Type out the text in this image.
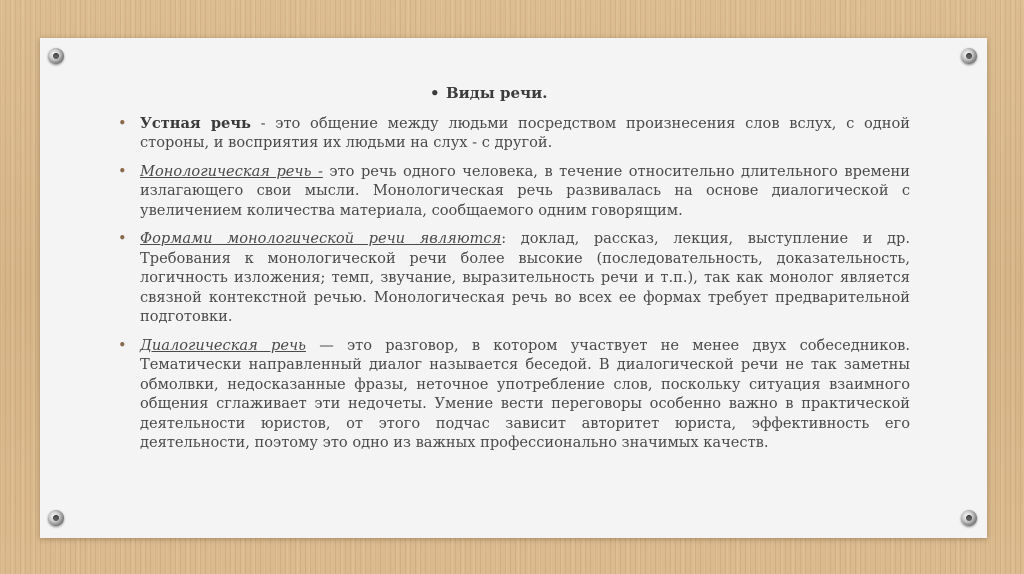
• Виды речи.
• Устная речь - это общение между людьми посредством произнесения слов вслух, с одной стороны, и восприятия их людьми на слух - с другой.
• Монологическая речь - это речь одного человека, в течение относительно длительного времени излагающего свои мысли. Монологическая речь развивалась на основе диалогической с увеличением количества материала, сообщаемого одним говорящим.
• Формами монологической речи являются: доклад, рассказ, лекция, выступление и др. Требования к монологической речи более высокие (последовательность, доказательность, логичность изложения; темп, звучание, выразительность речи и т.п.), так как монолог является связной контекстной речью. Монологическая речь во всех ее формах требует предварительной подготовки.
• Диалогическая речь — это разговор, в котором участвует не менее двух собеседников. Тематически направленный диалог называется беседой. В диалогической речи не так заметны обмолвки, недосказанные фразы, неточное употребление слов, поскольку ситуация взаимного общения сглаживает эти недочеты. Умение вести переговоры особенно важно в практической деятельности юристов, от этого подчас зависит авторитет юриста, эффективность его деятельности, поэтому это одно из важных профессионально значимых качеств.
